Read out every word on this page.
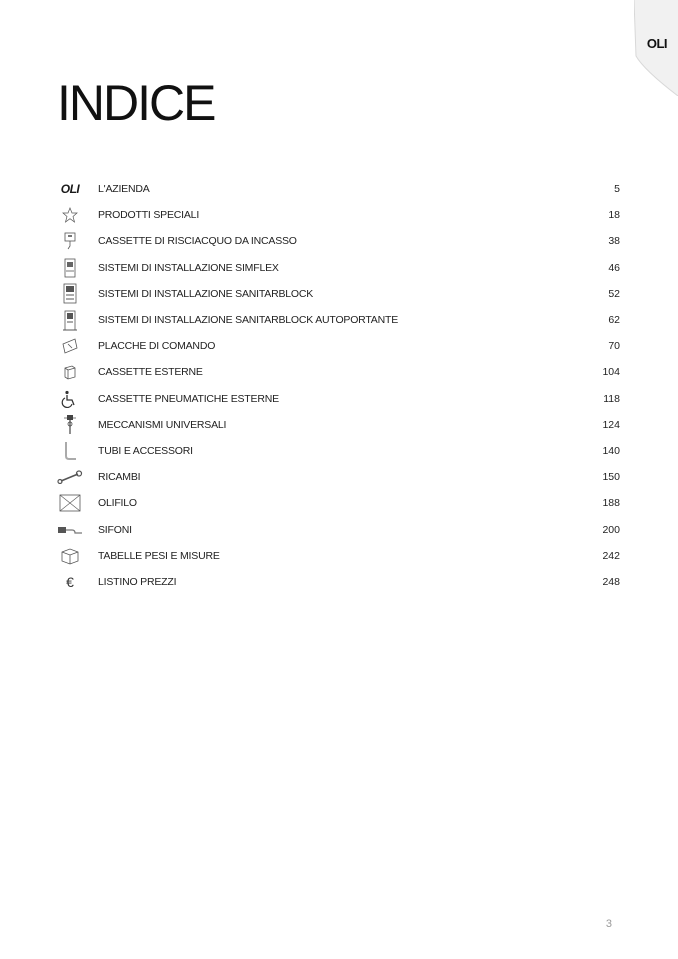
OLI
INDICE
OLI L'AZIENDA	5
PRODOTTI SPECIALI	18
CASSETTE DI RISCIACQUO DA INCASSO	38
SISTEMI DI INSTALLAZIONE SIMFLEX	46
SISTEMI DI INSTALLAZIONE SANITARBLOCK	52
SISTEMI DI INSTALLAZIONE SANITARBLOCK AUTOPORTANTE	62
PLACCHE DI COMANDO	70
CASSETTE ESTERNE	104
CASSETTE PNEUMATICHE ESTERNE	118
MECCANISMI UNIVERSALI	124
TUBI E ACCESSORI	140
RICAMBI	150
OLIFILO	188
SIFONI	200
TABELLE PESI E MISURE	242
€ LISTINO PREZZI	248
3
